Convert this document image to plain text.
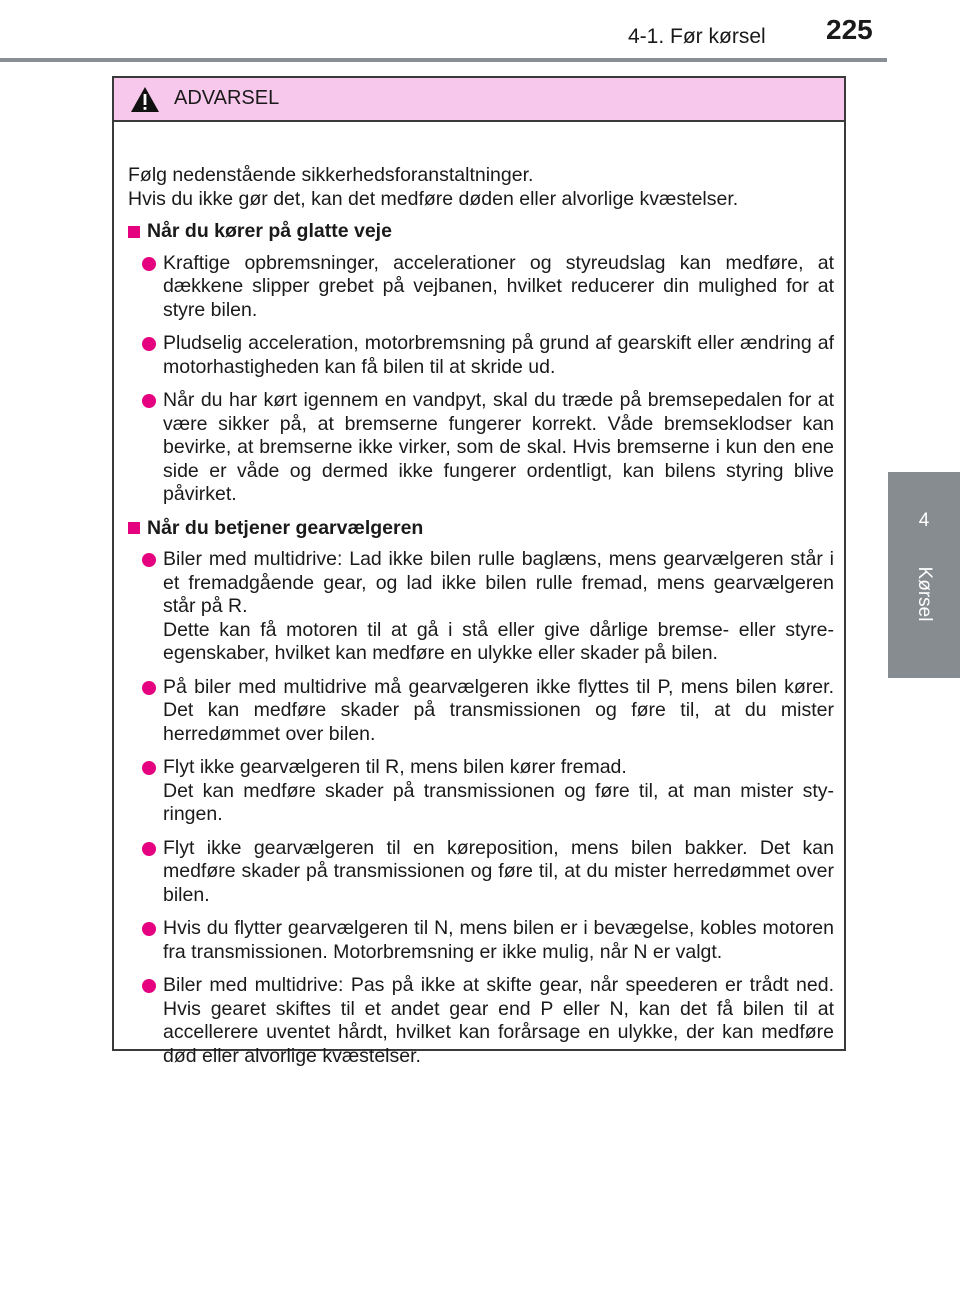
225
4-1. Før kørsel
4
Kørsel
ADVARSEL

Følg nedenstående sikkerhedsforanstaltninger.

Hvis du ikke gør det, kan det medføre døden eller alvorlige kvæstelser.

Når du kører på glatte veje

Kraftige opbremsninger, accelerationer og styreudslag kan medføre, at dækkene slipper grebet på vejbanen, hvilket reducerer din mulighed for at styre bilen.

Pludselig acceleration, motorbremsning på grund af gearskift eller ændring af motorhastigheden kan få bilen til at skride ud.

Når du har kørt igennem en vandpyt, skal du træde på bremsepedalen for at være sikker på, at bremserne fungerer korrekt. Våde bremseklodser kan bevirke, at bremserne ikke virker, som de skal. Hvis bremserne i kun den ene side er våde og dermed ikke fungerer ordentligt, kan bilens styring blive påvirket.

Når du betjener gearvælgeren

Biler med multidrive: Lad ikke bilen rulle baglæns, mens gearvælgeren står i et fremadgående gear, og lad ikke bilen rulle fremad, mens gearvælgeren står på R.

Dette kan få motoren til at gå i stå eller give dårlige bremse- eller styreegenskaber, hvilket kan medføre en ulykke eller skader på bilen.

På biler med multidrive må gearvælgeren ikke flyttes til P, mens bilen kører. Det kan medføre skader på transmissionen og føre til, at du mister herredømmet over bilen.

Flyt ikke gearvælgeren til R, mens bilen kører fremad.

Det kan medføre skader på transmissionen og føre til, at man mister styringen.

Flyt ikke gearvælgeren til en køreposition, mens bilen bakker. Det kan medføre skader på transmissionen og føre til, at du mister herredømmet over bilen.

Hvis du flytter gearvælgeren til N, mens bilen er i bevægelse, kobles motoren fra transmissionen. Motorbremsning er ikke mulig, når N er valgt.

Biler med multidrive: Pas på ikke at skifte gear, når speederen er trådt ned. Hvis gearet skiftes til et andet gear end P eller N, kan det få bilen til at accellerere uventet hårdt, hvilket kan forårsage en ulykke, der kan medføre død eller alvorlige kvæstelser.
